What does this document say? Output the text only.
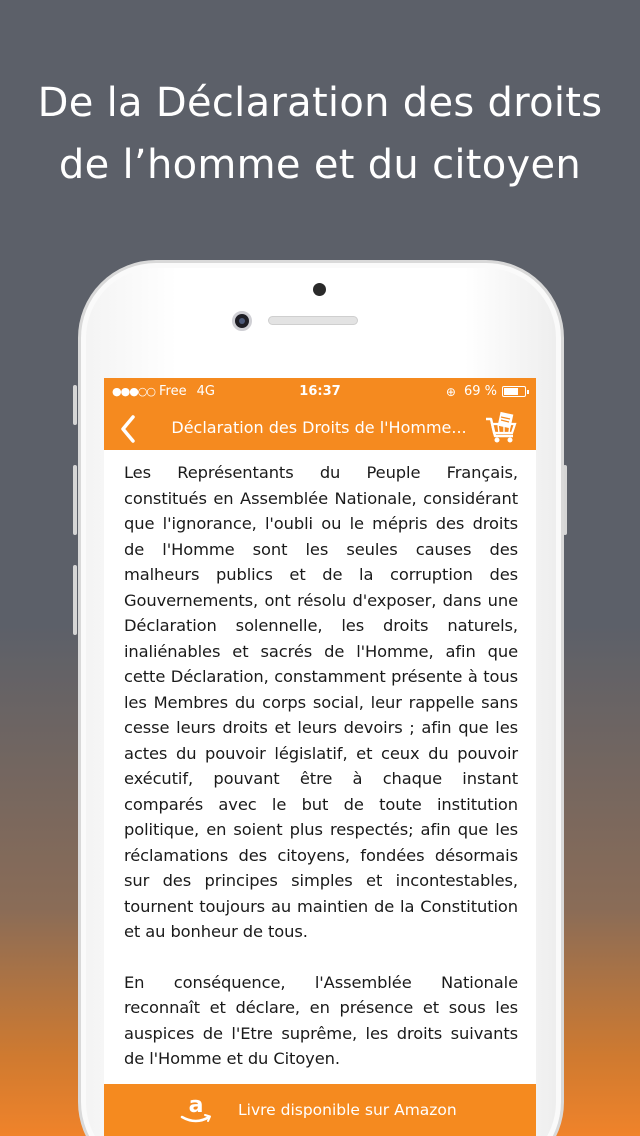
De la Déclaration des droits
de l’homme et du citoyen
●●●○○ Free 4G	16:37	⊕ 69 %
Déclaration des Droits de l'Homme...

Les Représentants du Peuple Français, constitués en Assemblée Nationale, considérant que l'ignorance, l'oubli ou le mépris des droits de l'Homme sont les seules causes des malheurs publics et de la corruption des Gouvernements, ont résolu d'exposer, dans une Déclaration solennelle, les droits naturels, inaliénables et sacrés de l'Homme, afin que cette Déclaration, constamment présente à tous les Membres du corps social, leur rappelle sans cesse leurs droits et leurs devoirs ; afin que les actes du pouvoir législatif, et ceux du pouvoir exécutif, pouvant être à chaque instant comparés avec le but de toute institution politique, en soient plus respectés; afin que les réclamations des citoyens, fondées désormais sur des principes simples et incontestables, tournent toujours au maintien de la Constitution et au bonheur de tous.

En conséquence, l'Assemblée Nationale reconnaît et déclare, en présence et sous les auspices de l'Etre suprême, les droits suivants de l'Homme et du Citoyen.

a Livre disponible sur Amazon
